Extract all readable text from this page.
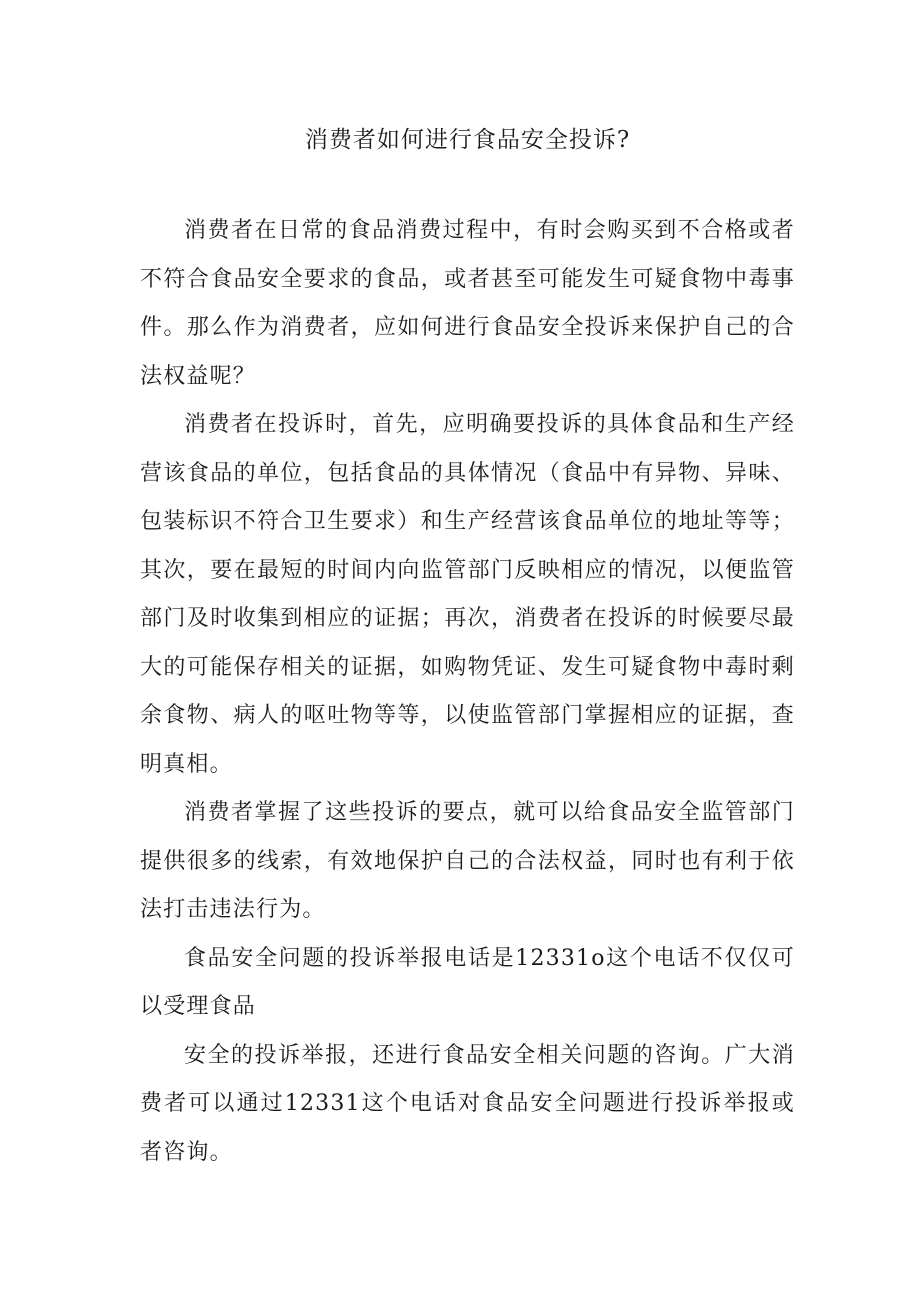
消费者如何进行食品安全投诉?

消费者在日常的食品消费过程中，有时会购买到不合格或者不符合食品安全要求的食品，或者甚至可能发生可疑食物中毒事件。那么作为消费者，应如何进行食品安全投诉来保护自己的合法权益呢？

消费者在投诉时，首先，应明确要投诉的具体食品和生产经营该食品的单位，包括食品的具体情况（食品中有异物、异味、包装标识不符合卫生要求）和生产经营该食品单位的地址等等；其次，要在最短的时间内向监管部门反映相应的情况，以便监管部门及时收集到相应的证据；再次，消费者在投诉的时候要尽最大的可能保存相关的证据，如购物凭证、发生可疑食物中毒时剩余食物、病人的呕吐物等等，以使监管部门掌握相应的证据，查明真相。

消费者掌握了这些投诉的要点，就可以给食品安全监管部门提供很多的线索，有效地保护自己的合法权益，同时也有利于依法打击违法行为。

食品安全问题的投诉举报电话是12331o这个电话不仅仅可以受理食品

安全的投诉举报，还进行食品安全相关问题的咨询。广大消费者可以通过12331这个电话对食品安全问题进行投诉举报或者咨询。
